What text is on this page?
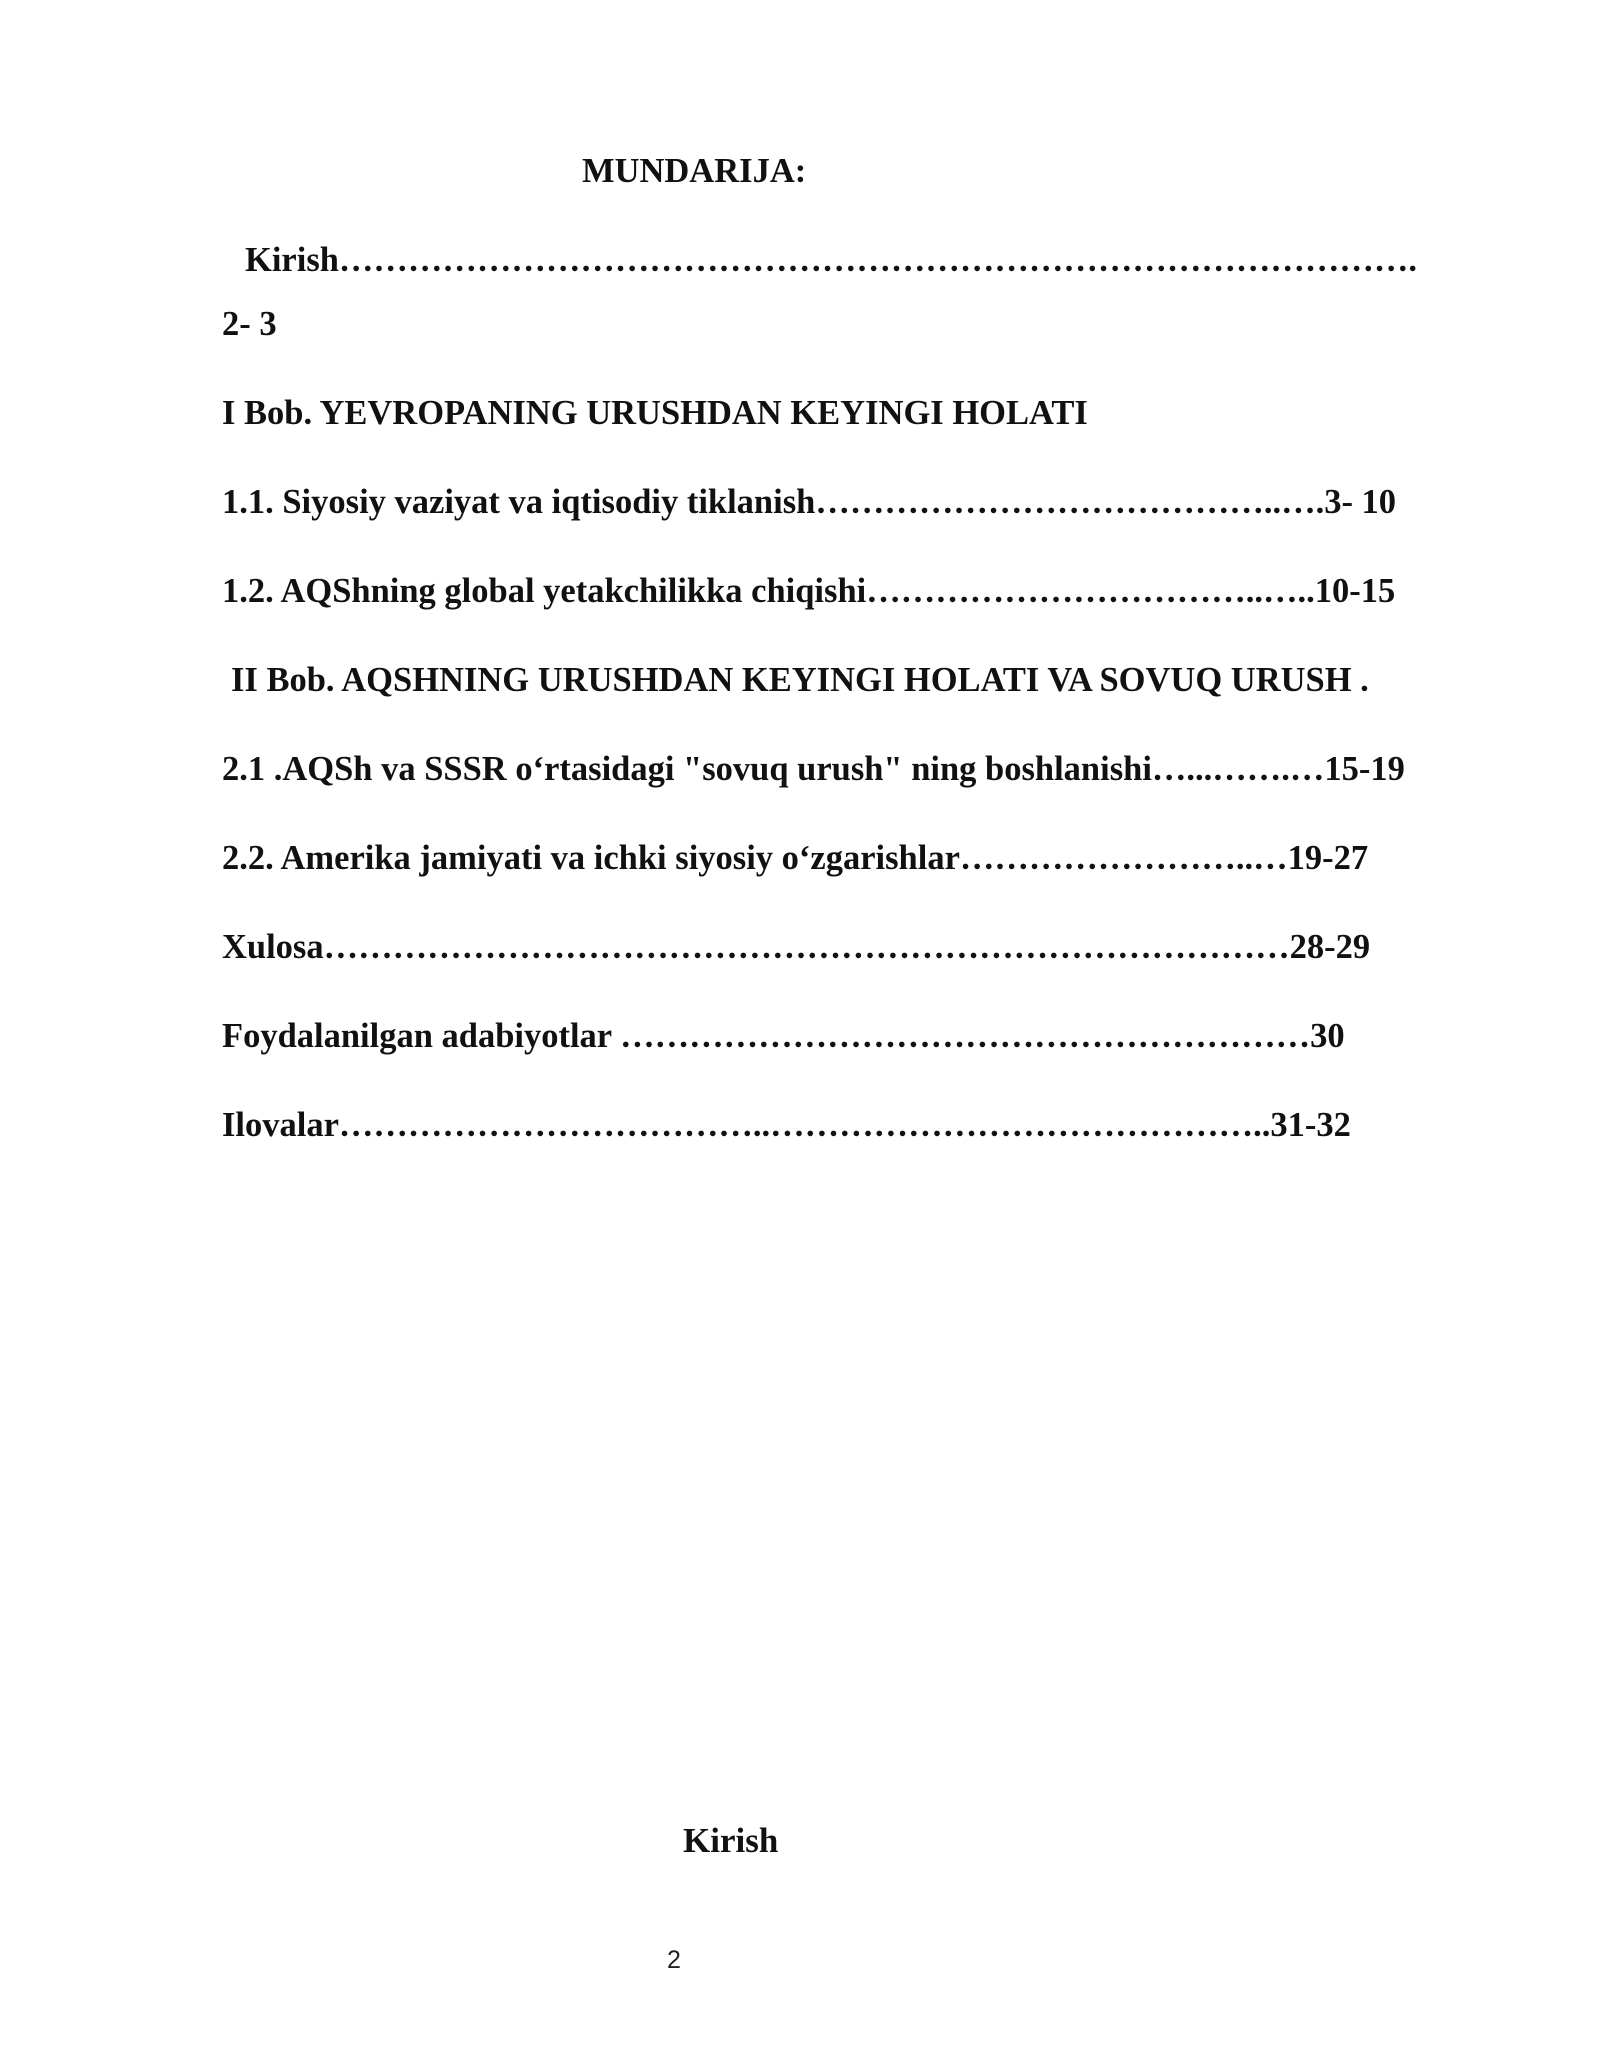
MUNDARIJA:
Kirish………………………………………………………………………………….
2- 3
I Bob. YEVROPANING URUSHDAN KEYINGI HOLATI
1.1. Siyosiy vaziyat va iqtisodiy tiklanish…………………………………..….3- 10
1.2. AQShning global yetakchilikka chiqishi……………………………..…..10-15
II Bob. AQSHNING URUSHDAN KEYINGI HOLATI VA SOVUQ URUSH .
2.1 .AQSh va SSSR oʻrtasidagi "sovuq urush" ning boshlanishi…...…….…15-19
2.2. Amerika jamiyati va ichki siyosiy oʻzgarishlar……………………..…19-27
Xulosa…………………………………………………………………………28-29
Foydalanilgan adabiyotlar ……………………………………………………30
Ilovalar………………………………..……………………………………..31-32
Kirish
2
